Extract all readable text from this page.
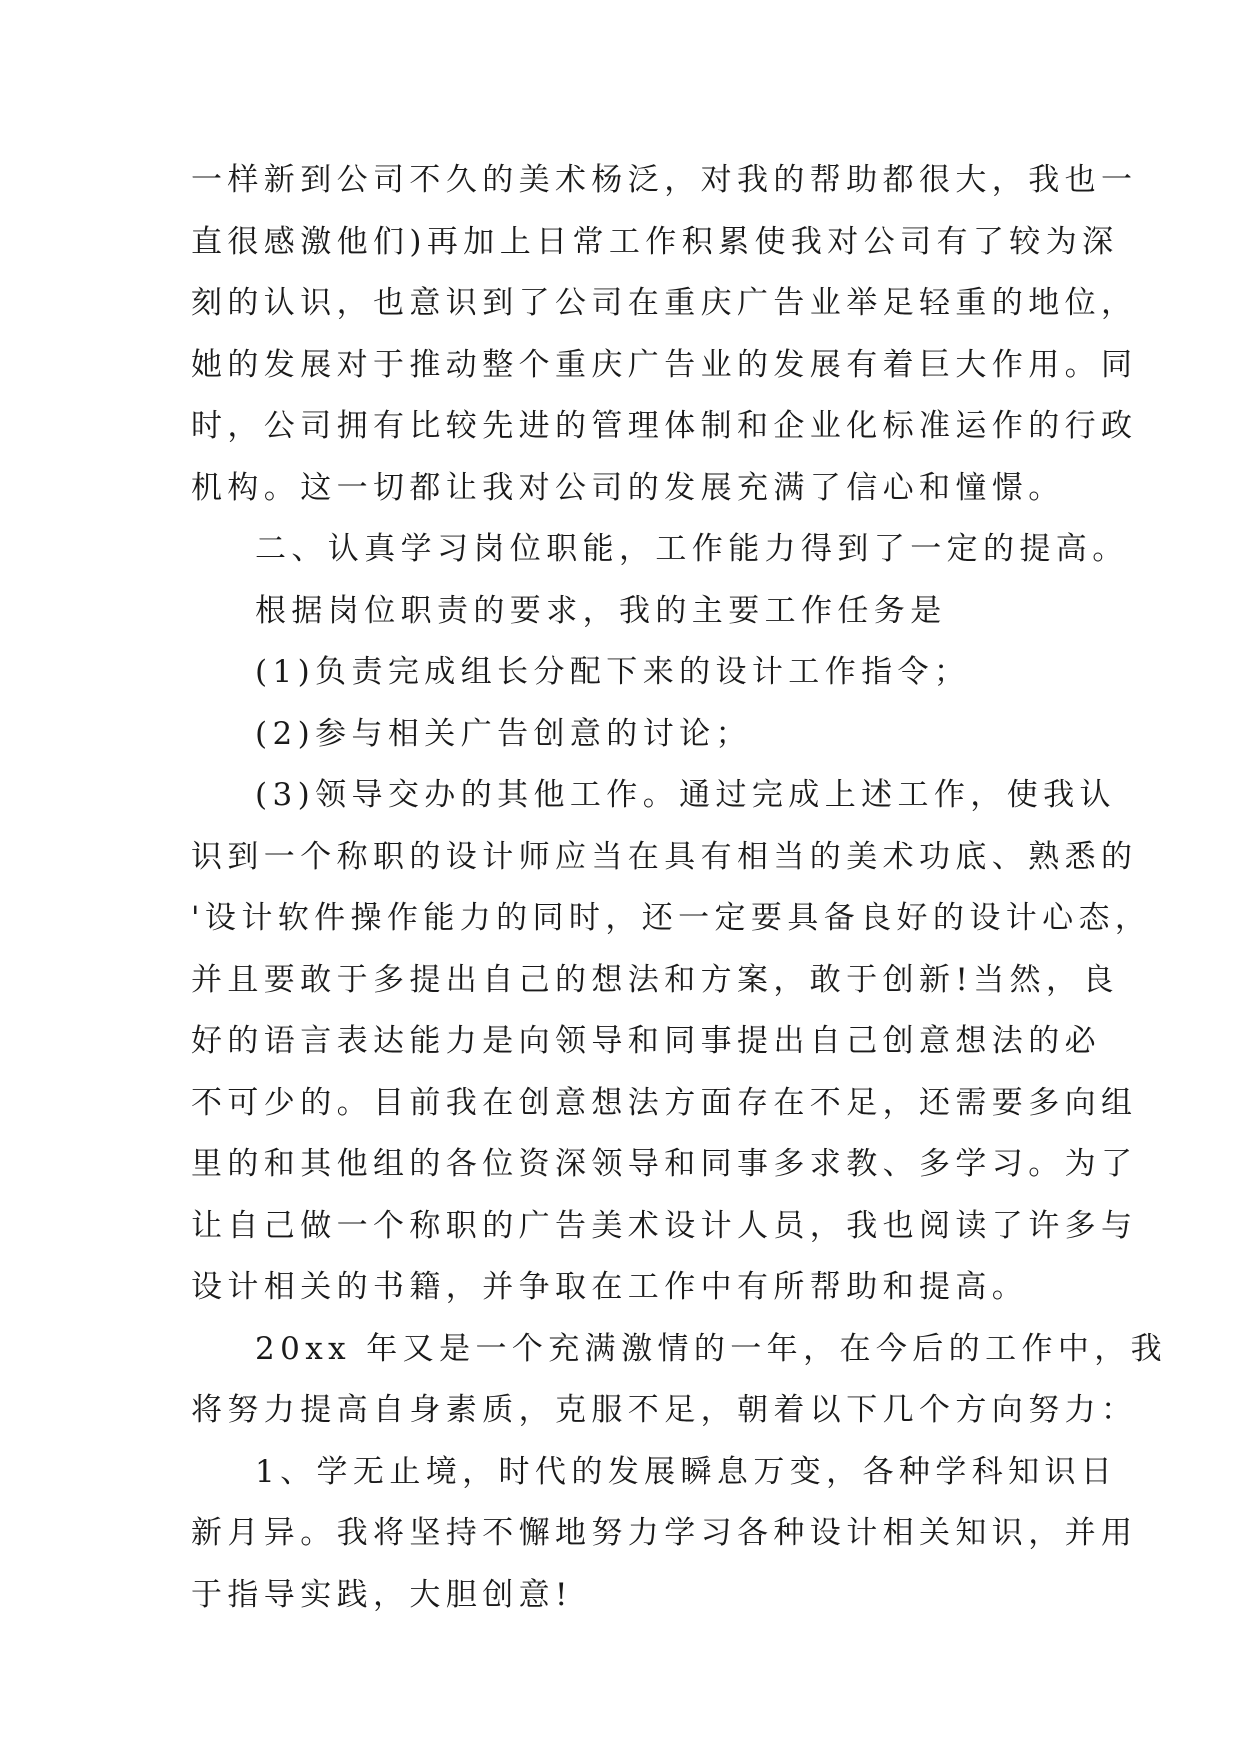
一样新到公司不久的美术杨泛，对我的帮助都很大，我也一
直很感激他们)再加上日常工作积累使我对公司有了较为深
刻的认识，也意识到了公司在重庆广告业举足轻重的地位，
她的发展对于推动整个重庆广告业的发展有着巨大作用。同
时，公司拥有比较先进的管理体制和企业化标准运作的行政
机构。这一切都让我对公司的发展充满了信心和憧憬。
二、认真学习岗位职能，工作能力得到了一定的提高。
根据岗位职责的要求，我的主要工作任务是
(1)负责完成组长分配下来的设计工作指令；
(2)参与相关广告创意的讨论；
(3)领导交办的其他工作。通过完成上述工作，使我认
识到一个称职的设计师应当在具有相当的美术功底、熟悉的
'设计软件操作能力的同时，还一定要具备良好的设计心态，
并且要敢于多提出自己的想法和方案，敢于创新!当然，良
好的语言表达能力是向领导和同事提出自己创意想法的必
不可少的。目前我在创意想法方面存在不足，还需要多向组
里的和其他组的各位资深领导和同事多求教、多学习。为了
让自己做一个称职的广告美术设计人员，我也阅读了许多与
设计相关的书籍，并争取在工作中有所帮助和提高。
20xx 年又是一个充满激情的一年，在今后的工作中，我
将努力提高自身素质，克服不足，朝着以下几个方向努力：
1、学无止境，时代的发展瞬息万变，各种学科知识日
新月异。我将坚持不懈地努力学习各种设计相关知识，并用
于指导实践，大胆创意!
